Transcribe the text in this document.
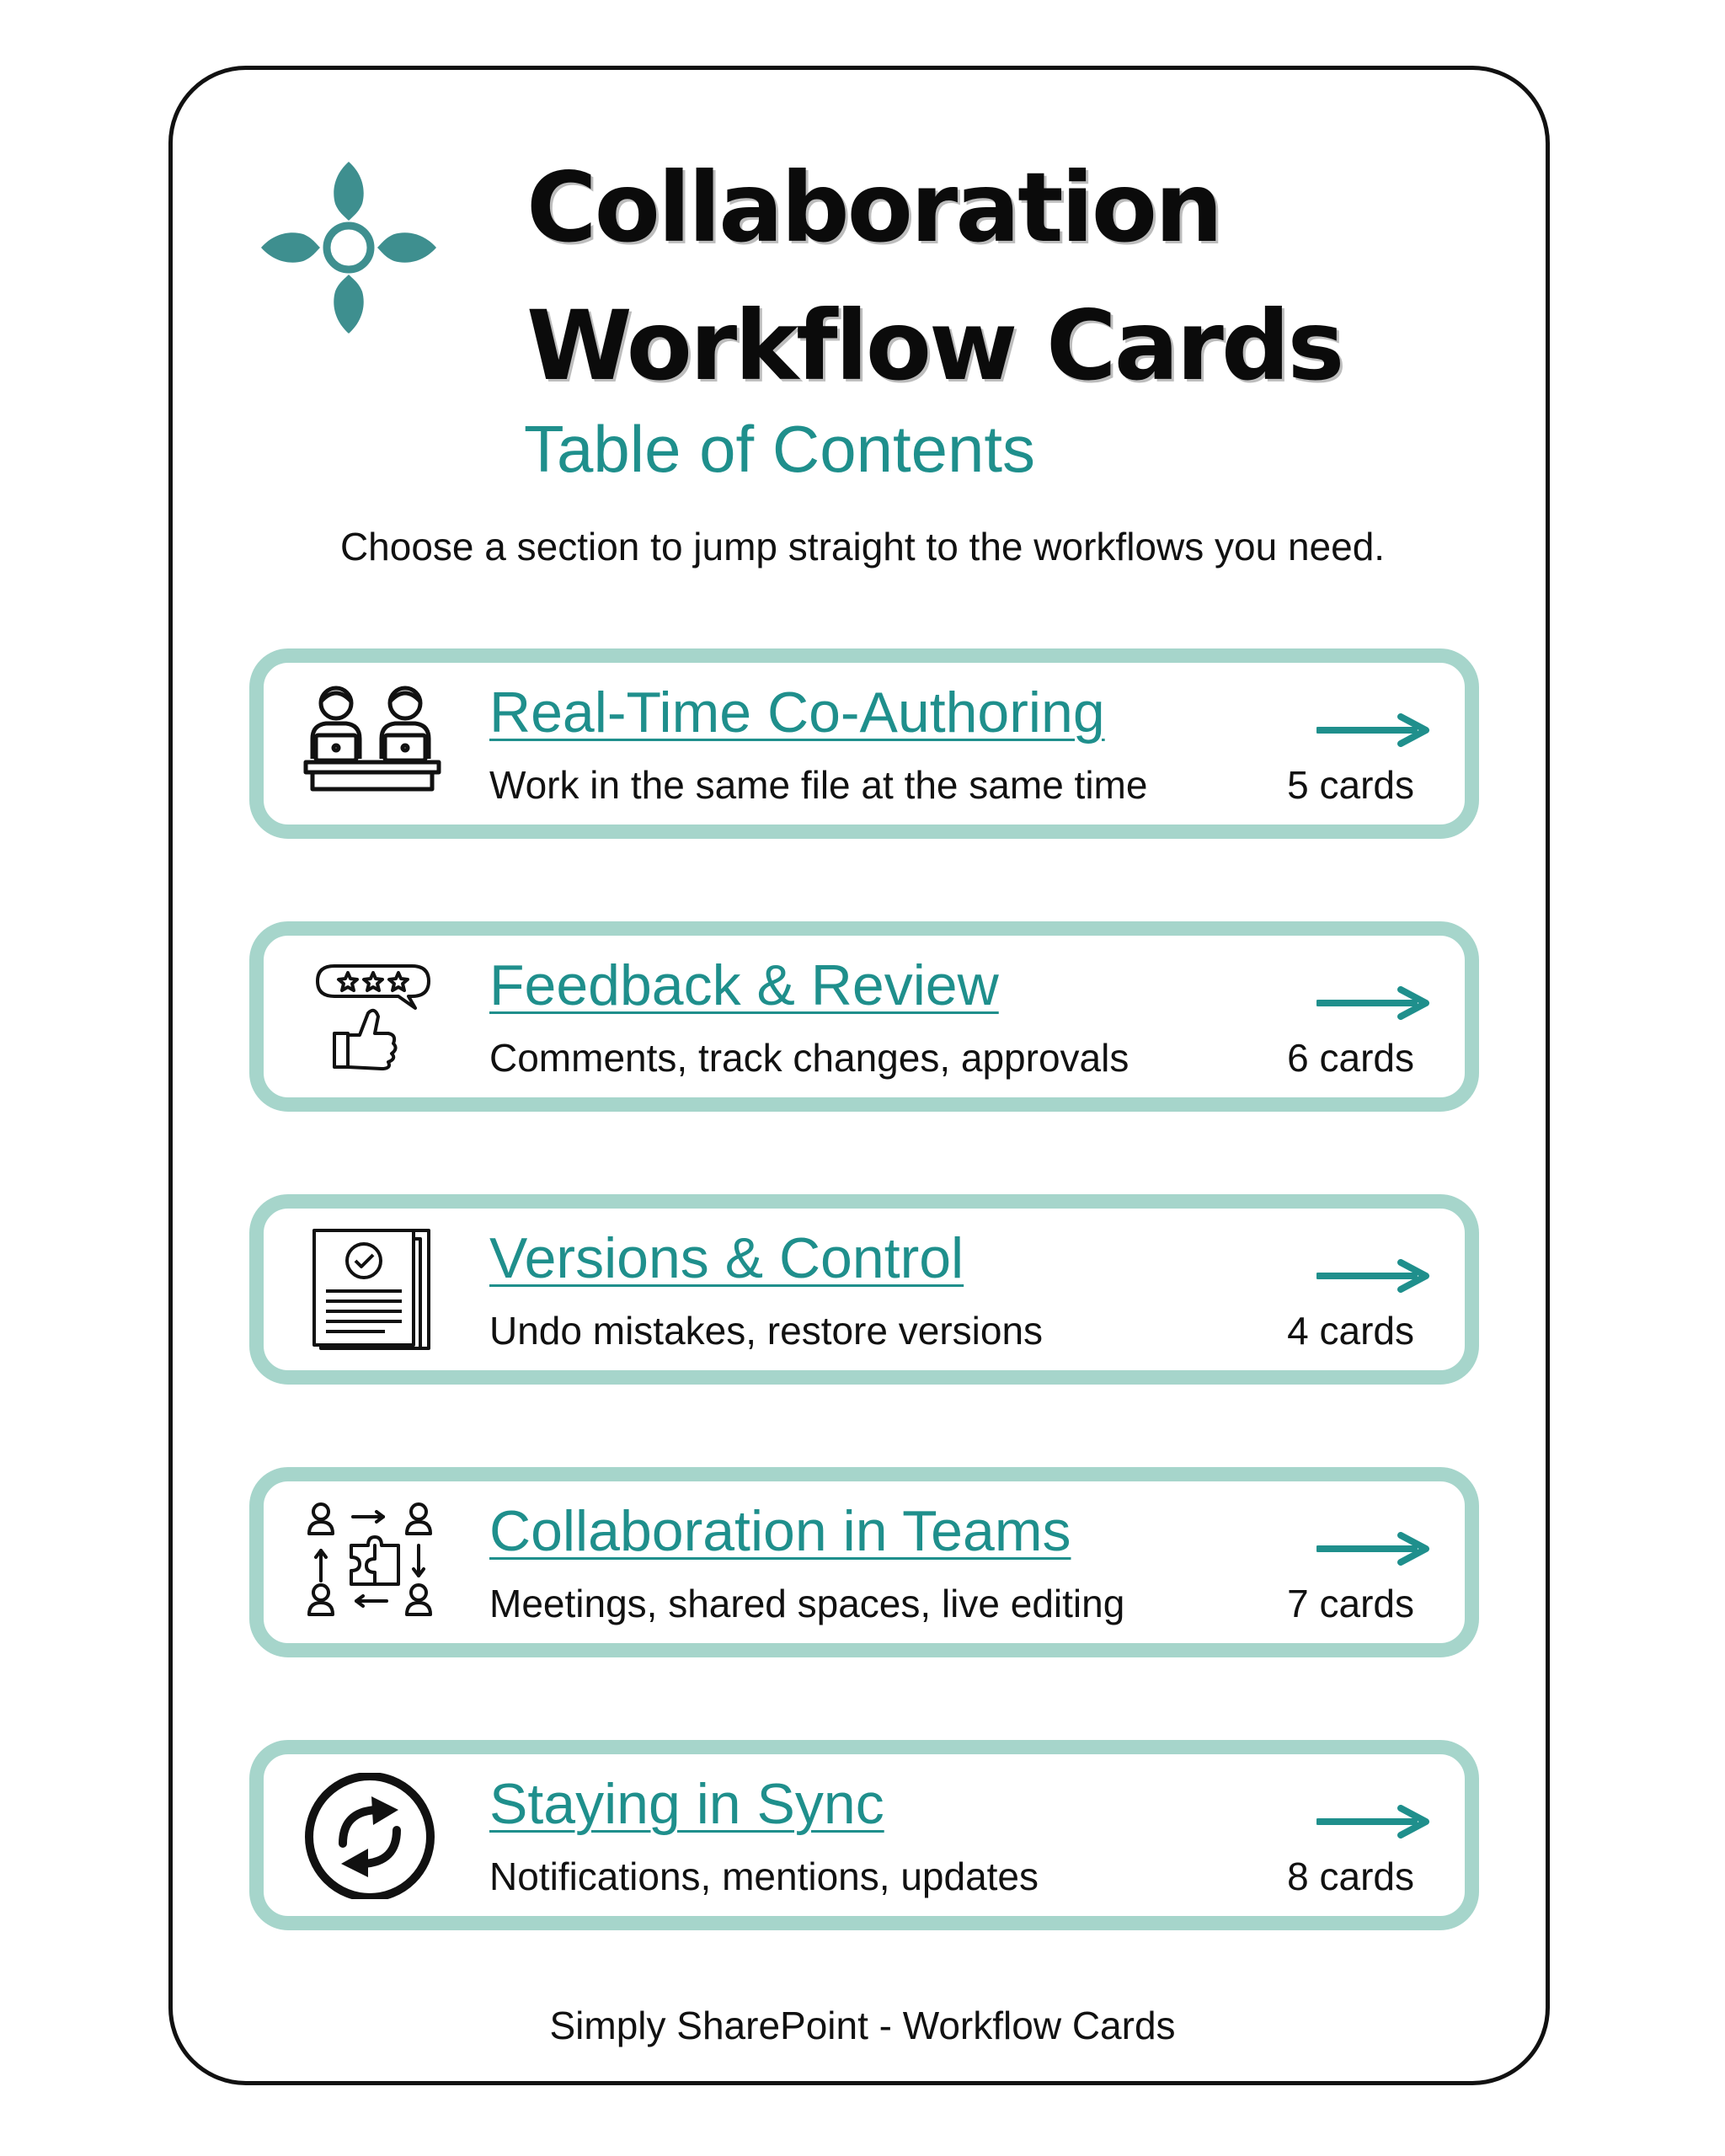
Collaboration
Workflow Cards
Table of Contents
Choose a section to jump straight to the workflows you need.
Real-Time Co-Authoring
Work in the same file at the same time	5 cards
Feedback & Review
Comments, track changes, approvals	6 cards
Versions & Control
Undo mistakes, restore versions	4 cards
Collaboration in Teams
Meetings, shared spaces, live editing	7 cards
Staying in Sync
Notifications, mentions, updates	8 cards
Simply SharePoint - Workflow Cards
